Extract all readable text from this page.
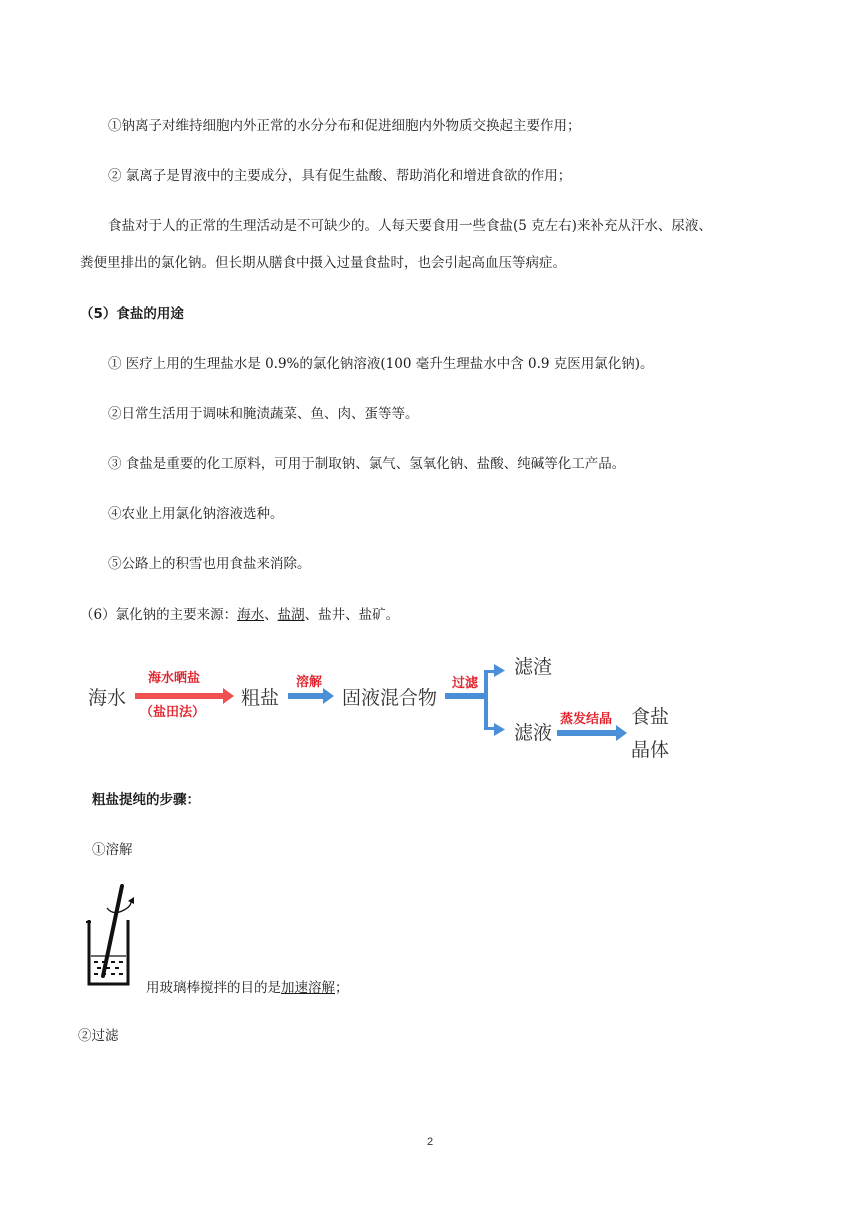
①钠离子对维持细胞内外正常的水分分布和促进细胞内外物质交换起主要作用；
② 氯离子是胃液中的主要成分，具有促生盐酸、帮助消化和增进食欲的作用；
食盐对于人的正常的生理活动是不可缺少的。人每天要食用一些食盐(5 克左右)来补充从汗水、尿液、
粪便里排出的氯化钠。但长期从膳食中摄入过量食盐时，也会引起高血压等病症。
（5）食盐的用途
① 医疗上用的生理盐水是 0.9%的氯化钠溶液(100 毫升生理盐水中含 0.9 克医用氯化钠)。
②日常生活用于调味和腌渍蔬菜、鱼、肉、蛋等等。
③ 食盐是重要的化工原料，可用于制取钠、氯气、氢氧化钠、盐酸、纯碱等化工产品。
④农业上用氯化钠溶液选种。
⑤公路上的积雪也用食盐来消除。
（6）氯化钠的主要来源：海水、盐湖、盐井、盐矿。
海水
海水晒盐
（盐田法）
粗盐
溶解
固液混合物
过滤
滤渣
滤液
蒸发结晶 食盐
晶体
粗盐提纯的步骤：
①溶解
用玻璃棒搅拌的目的是加速溶解；
②过滤
2
